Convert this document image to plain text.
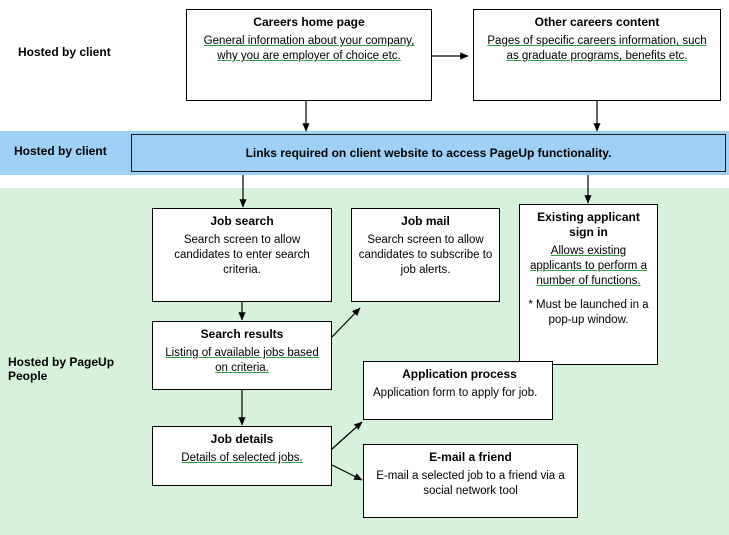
Hosted by client
Hosted by client
Hosted by PageUp People
Links required on client website to access PageUp functionality.
Careers home page
General information about your company, why you are employer of choice etc.
Other careers content
Pages of specific careers information, such as graduate programs, benefits etc.
Job search
Search screen to allow candidates to enter search criteria.
Job mail
Search screen to allow candidates to subscribe to job alerts.
Existing applicant sign in
Allows existing applicants to perform a number of functions.
* Must be launched in a pop-up window.
Search results
Listing of available jobs based on criteria.
Job details
Details of selected jobs.
Application process
Application form to apply for job.
E-mail a friend
E-mail a selected job to a friend via a social network tool
